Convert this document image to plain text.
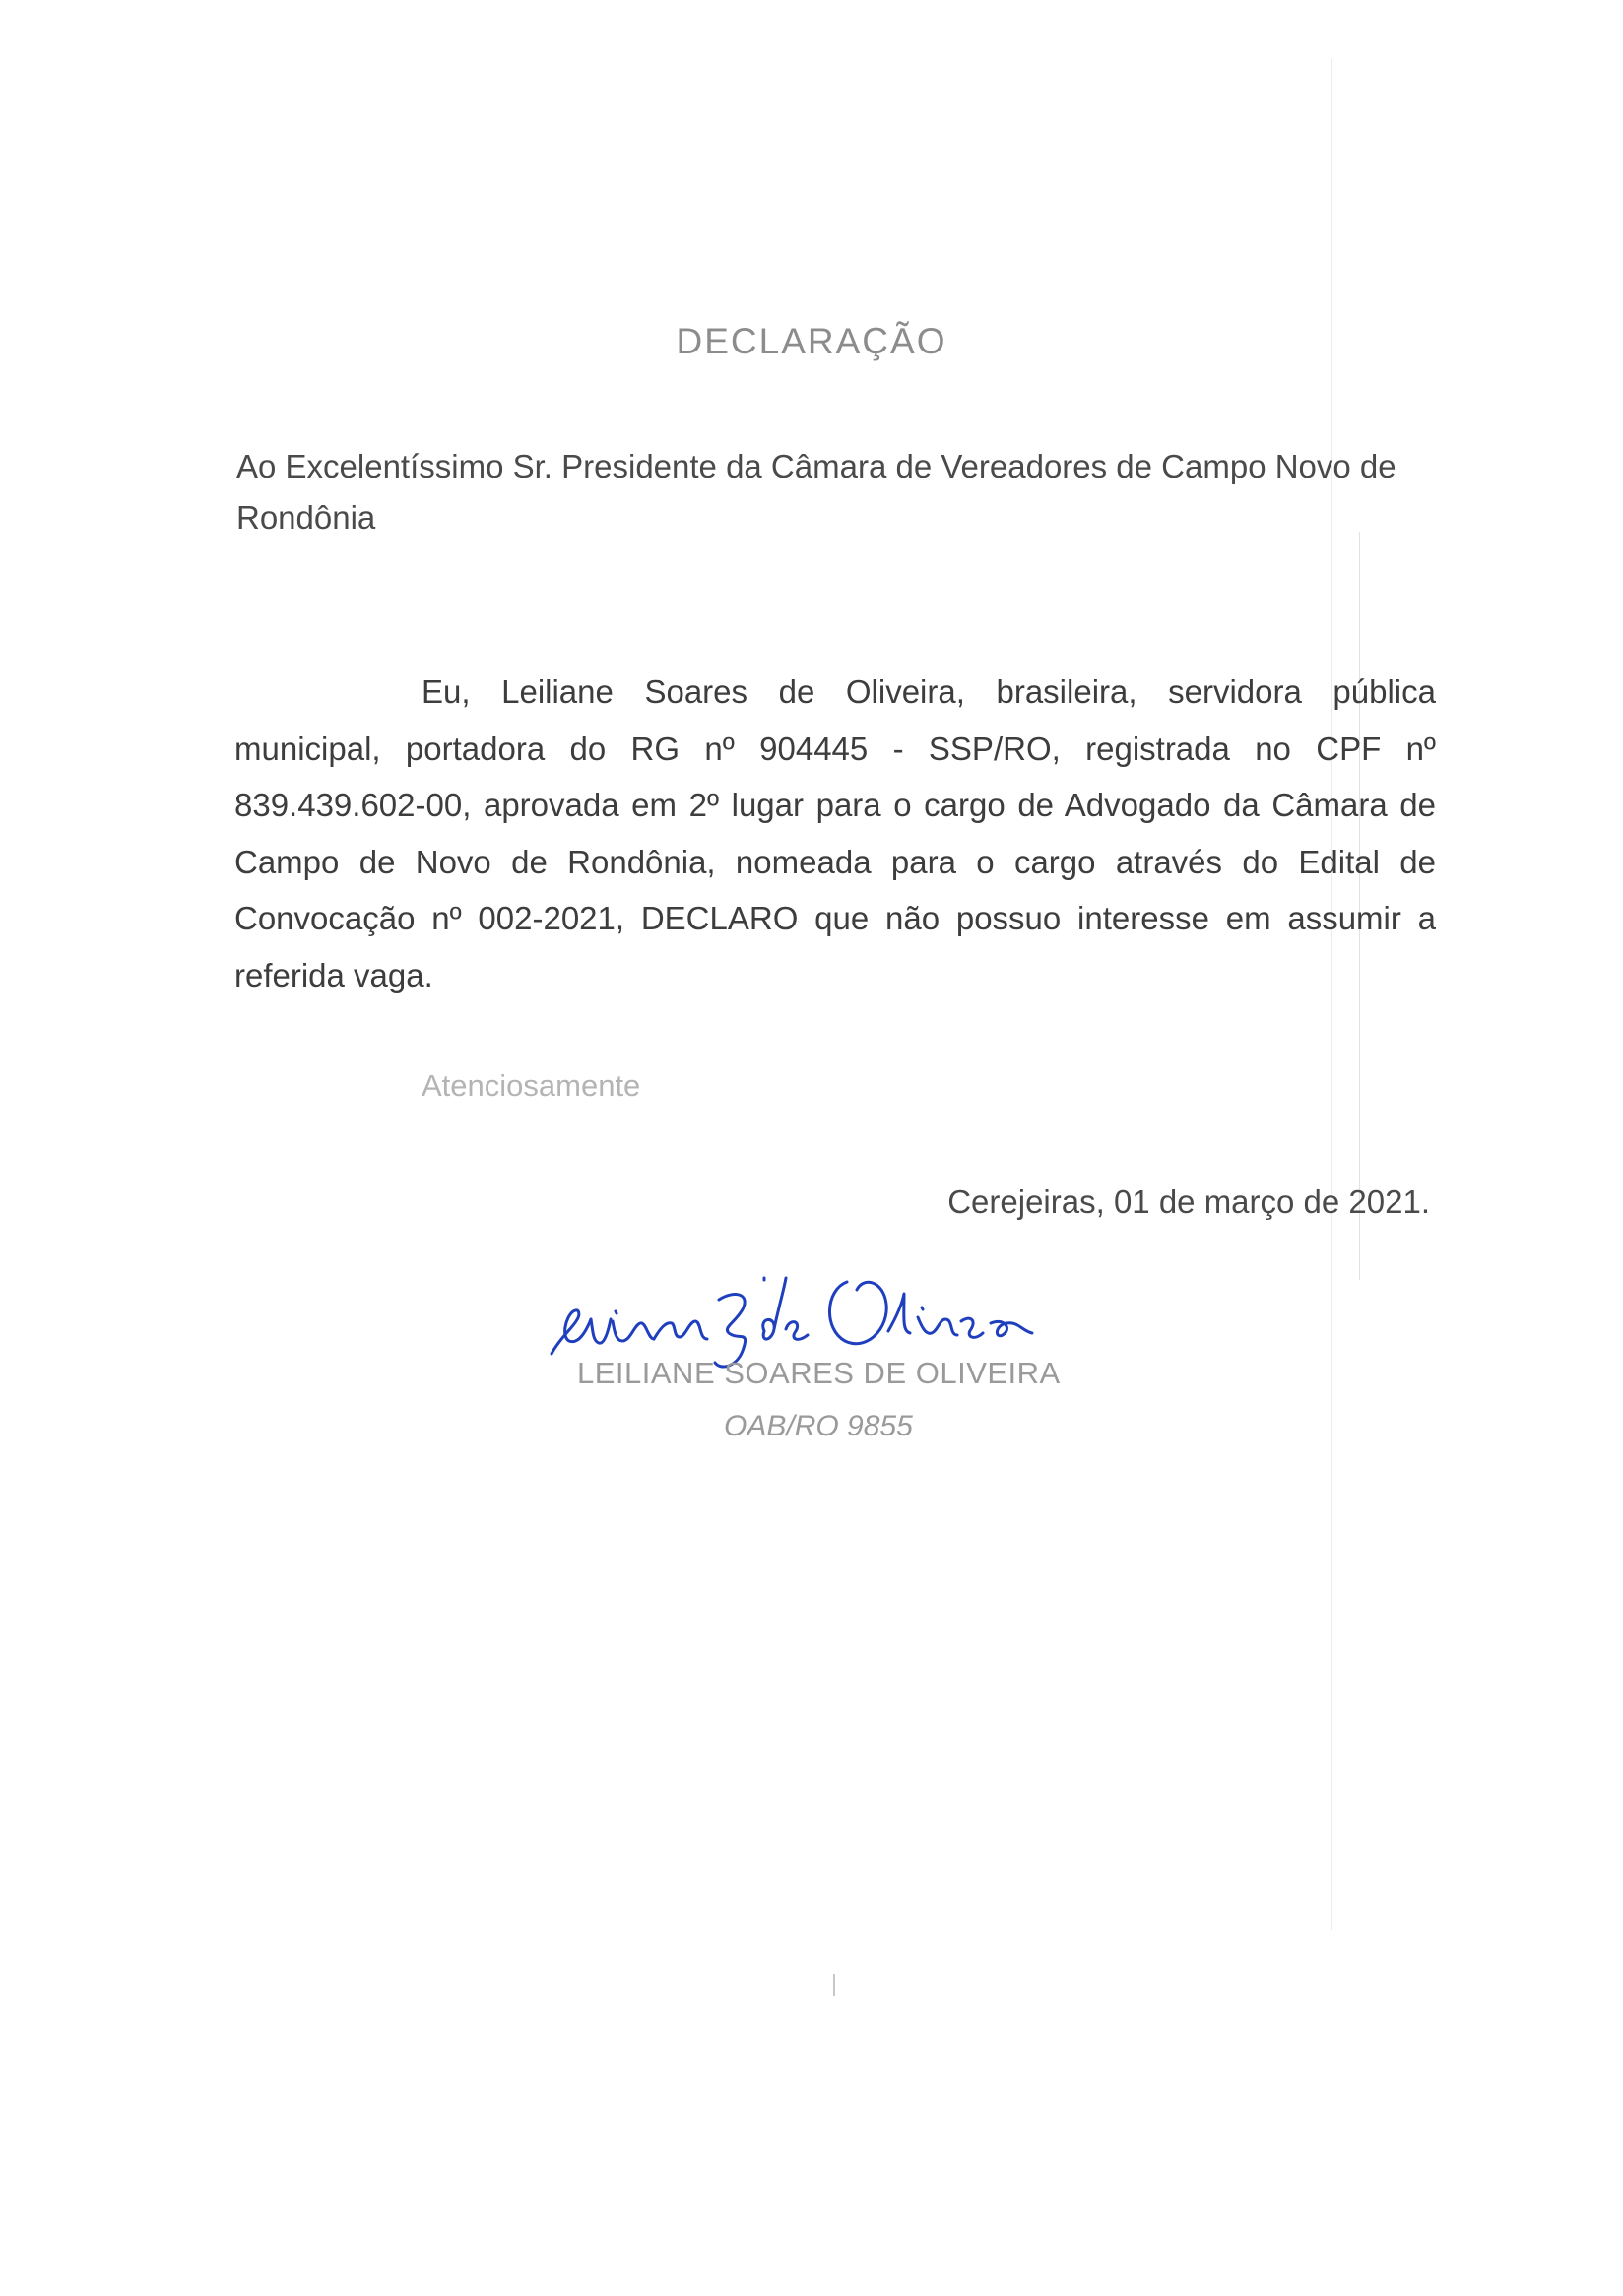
DECLARAÇÃO
Ao Excelentíssimo Sr. Presidente da Câmara de Vereadores de Campo Novo de Rondônia
Eu, Leiliane Soares de Oliveira, brasileira, servidora pública municipal, portadora do RG nº 904445 - SSP/RO, registrada no CPF nº 839.439.602-00, aprovada em 2º lugar para o cargo de Advogado da Câmara de Campo de Novo de Rondônia, nomeada para o cargo através do Edital de Convocação nº 002-2021, DECLARO que não possuo interesse em assumir a referida vaga.
Atenciosamente
Cerejeiras, 01 de março de 2021.
LEILIANE SOARES DE OLIVEIRA
OAB/RO 9855
